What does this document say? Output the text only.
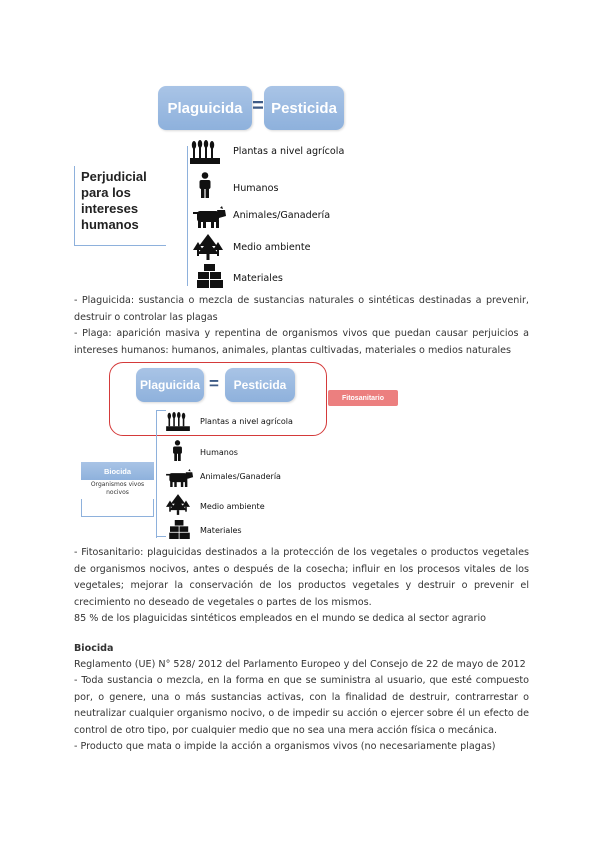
Plaguicida = Pesticida
Perjudicial
para los
intereses
humanos
Plantas a nivel agrícola
Humanos
Animales/Ganadería
Medio ambiente
Materiales
- Plaguicida: sustancia o mezcla de sustancias naturales o sintéticas destinadas a prevenir, destruir o controlar las plagas
- Plaga: aparición masiva y repentina de organismos vivos que puedan causar perjuicios a intereses humanos: humanos, animales, plantas cultivadas, materiales o medios naturales
Plaguicida =	Pesticida
Fitosanitario
Biocida
Organismos vivos nocivos
Plantas a nivel agrícola
Humanos
Animales/Ganadería
Medio ambiente
Materiales
- Fitosanitario: plaguicidas destinados a la protección de los vegetales o productos vegetales de organismos nocivos, antes o después de la cosecha; influir en los procesos vitales de los vegetales; mejorar la conservación de los productos vegetales y destruir o prevenir el crecimiento no deseado de vegetales o partes de los mismos.
85 % de los plaguicidas sintéticos empleados en el mundo se dedica al sector agrario
Biocida
Reglamento (UE) N° 528/ 2012 del Parlamento Europeo y del Consejo de 22 de mayo de 2012
- Toda sustancia o mezcla, en la forma en que se suministra al usuario, que esté compuesto por, o genere, una o más sustancias activas, con la finalidad de destruir, contrarrestar o neutralizar cualquier organismo nocivo, o de impedir su acción o ejercer sobre él un efecto de control de otro tipo, por cualquier medio que no sea una mera acción física o mecánica.
- Producto que mata o impide la acción a organismos vivos (no necesariamente plagas)
